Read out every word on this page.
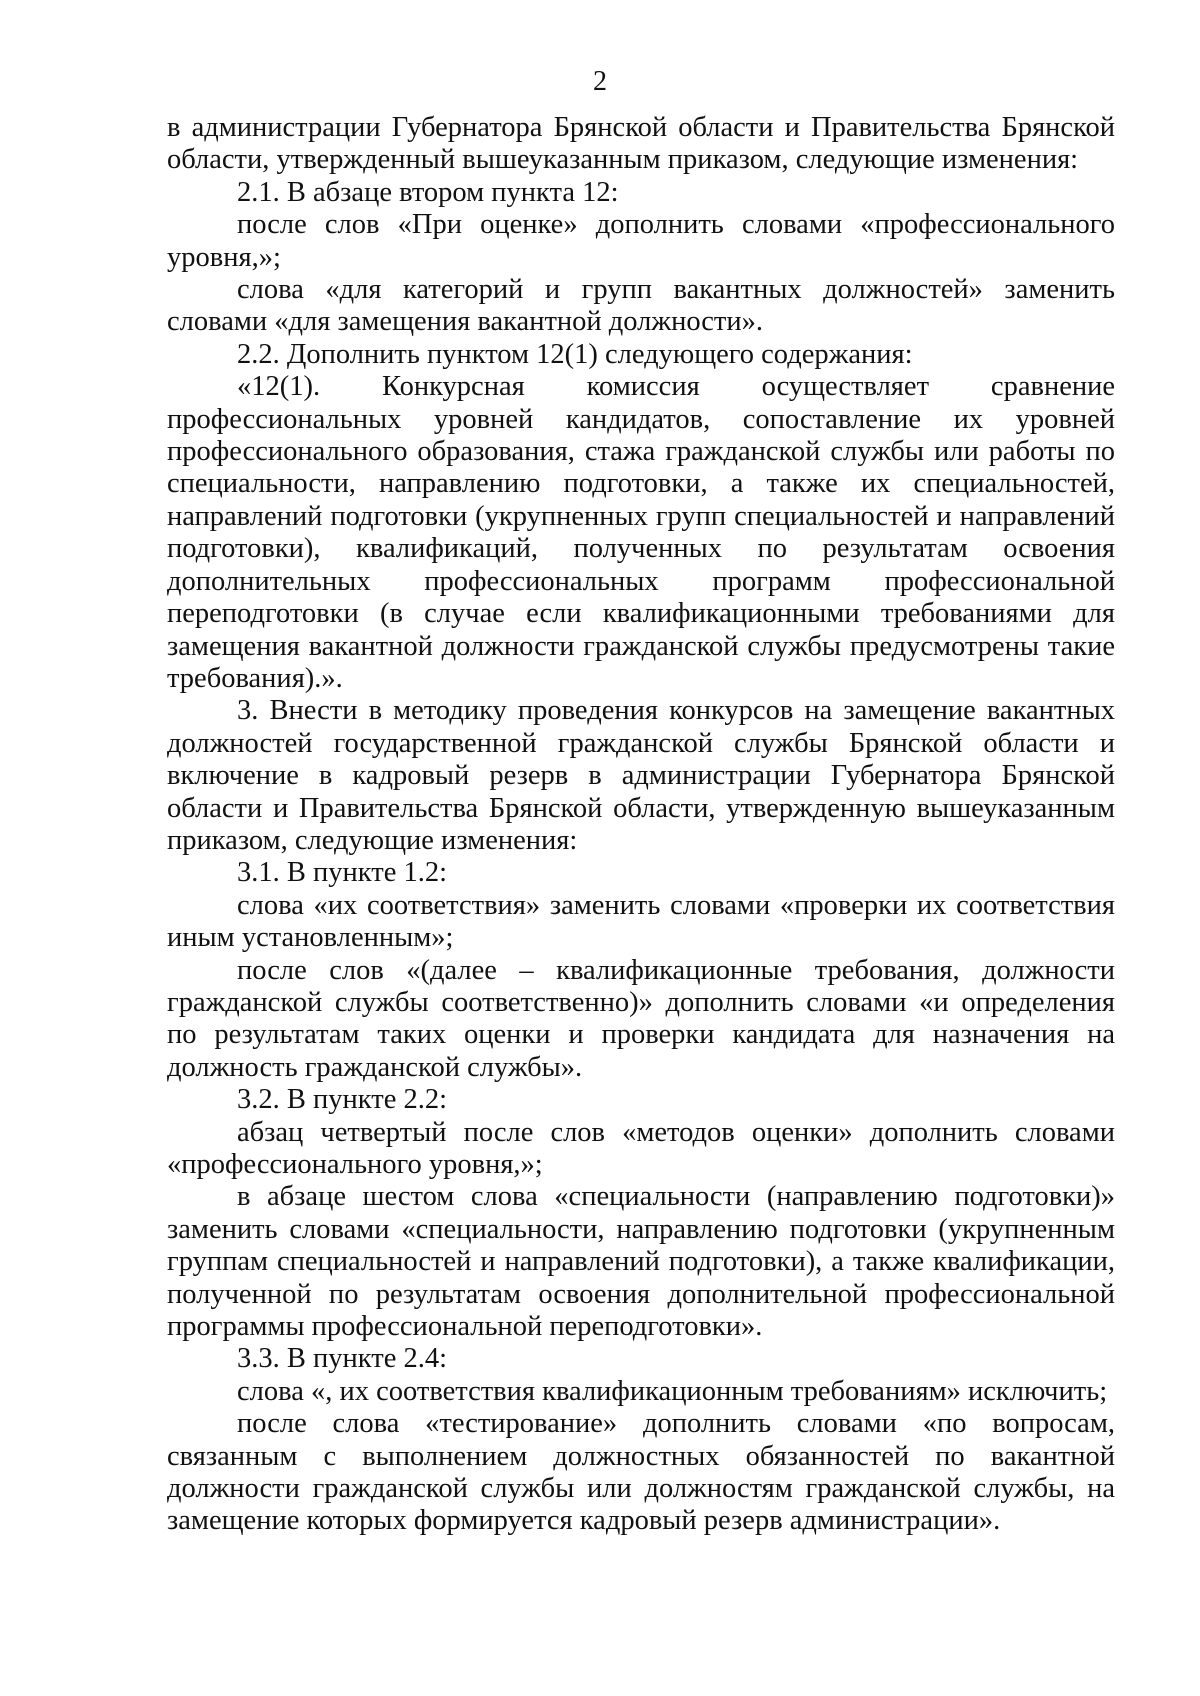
2

в администрации Губернатора Брянской области и Правительства Брянской области, утвержденный вышеуказанным приказом, следующие изменения:

2.1. В абзаце втором пункта 12:

после слов «При оценке» дополнить словами «профессионального уровня,»;

слова «для категорий и групп вакантных должностей» заменить словами «для замещения вакантной должности».

2.2. Дополнить пунктом 12(1) следующего содержания:

«12(1). Конкурсная комиссия осуществляет сравнение профессиональных уровней кандидатов, сопоставление их уровней профессионального образования, стажа гражданской службы или работы по специальности, направлению подготовки, а также их специальностей, направлений подготовки (укрупненных групп специальностей и направлений подготовки), квалификаций, полученных по результатам освоения дополнительных профессиональных программ профессиональной переподготовки (в случае если квалификационными требованиями для замещения вакантной должности гражданской службы предусмотрены такие требования).».

3. Внести в методику проведения конкурсов на замещение вакантных должностей государственной гражданской службы Брянской области и включение в кадровый резерв в администрации Губернатора Брянской области и Правительства Брянской области, утвержденную вышеуказанным приказом, следующие изменения:

3.1. В пункте 1.2:

слова «их соответствия» заменить словами «проверки их соответствия иным установленным»;

после слов «(далее – квалификационные требования, должности гражданской службы соответственно)» дополнить словами «и определения по результатам таких оценки и проверки кандидата для назначения на должность гражданской службы».

3.2. В пункте 2.2:

абзац четвертый после слов «методов оценки» дополнить словами «профессионального уровня,»;

в абзаце шестом слова «специальности (направлению подготовки)» заменить словами «специальности, направлению подготовки (укрупненным группам специальностей и направлений подготовки), а также квалификации, полученной по результатам освоения дополнительной профессиональной программы профессиональной переподготовки».

3.3. В пункте 2.4:

слова «, их соответствия квалификационным требованиям» исключить;

после слова «тестирование» дополнить словами «по вопросам, связанным с выполнением должностных обязанностей по вакантной должности гражданской службы или должностям гражданской службы, на замещение которых формируется кадровый резерв администрации».
